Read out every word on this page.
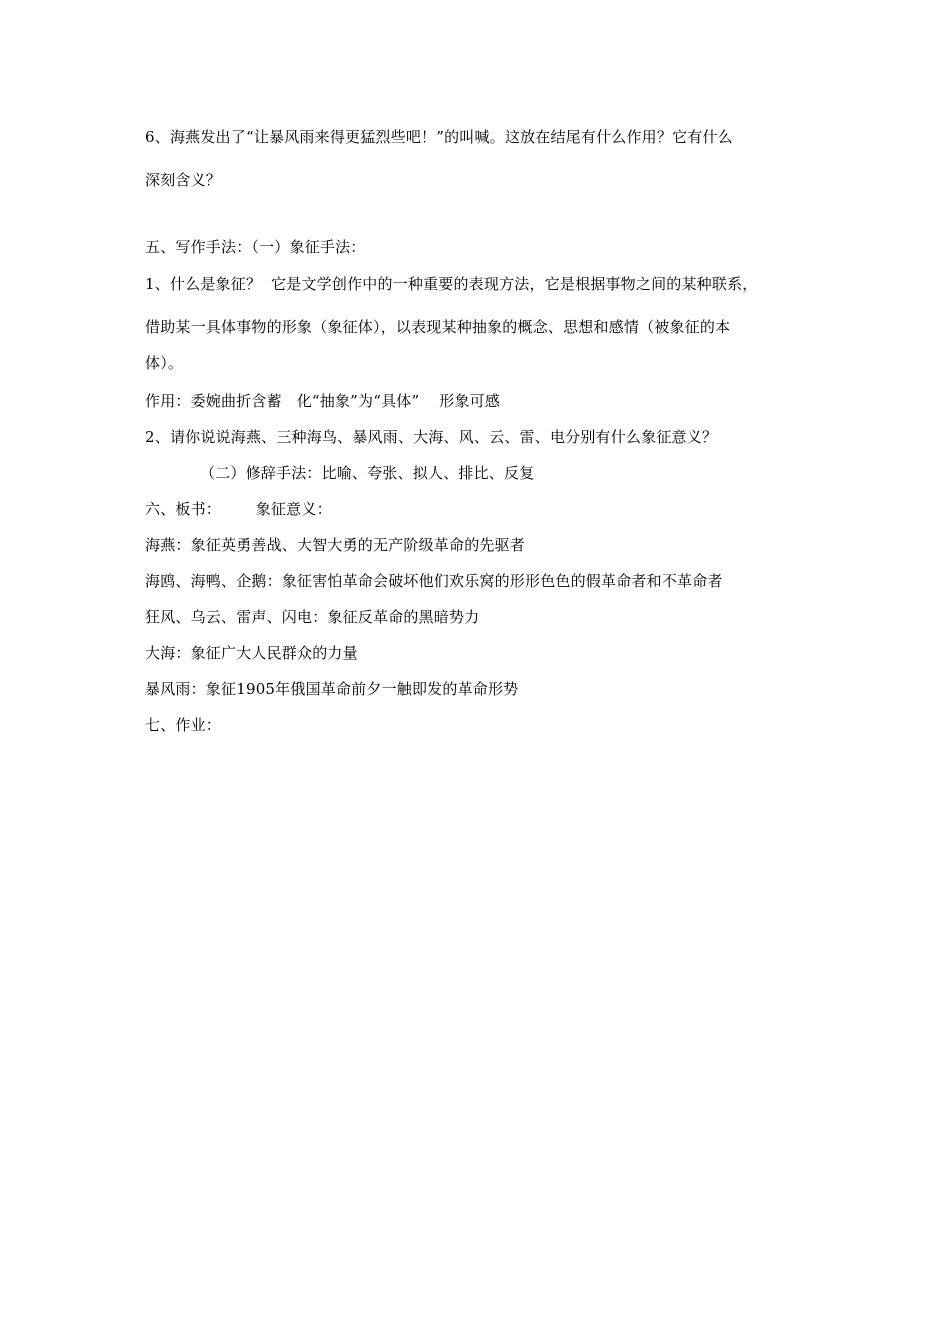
6、海燕发出了“让暴风雨来得更猛烈些吧！”的叫喊。这放在结尾有什么作用？它有什么
深刻含义？
五、写作手法：（一）象征手法：
1、什么是象征？  它是文学创作中的一种重要的表现方法，它是根据事物之间的某种联系，
借助某一具体事物的形象（象征体），以表现某种抽象的概念、思想和感情（被象征的本
体）。
作用：委婉曲折含蓄   化“抽象”为“具体”    形象可感
2、请你说说海燕、三种海鸟、暴风雨、大海、风、云、雷、电分别有什么象征意义？
（二）修辞手法：比喻、夸张、拟人、排比、反复
六、板书：       象征意义：
海燕：象征英勇善战、大智大勇的无产阶级革命的先驱者
海鸥、海鸭、企鹅：象征害怕革命会破坏他们欢乐窝的形形色色的假革命者和不革命者
狂风、乌云、雷声、闪电：象征反革命的黑暗势力
大海：象征广大人民群众的力量
暴风雨：象征1905年俄国革命前夕一触即发的革命形势
七、作业：
